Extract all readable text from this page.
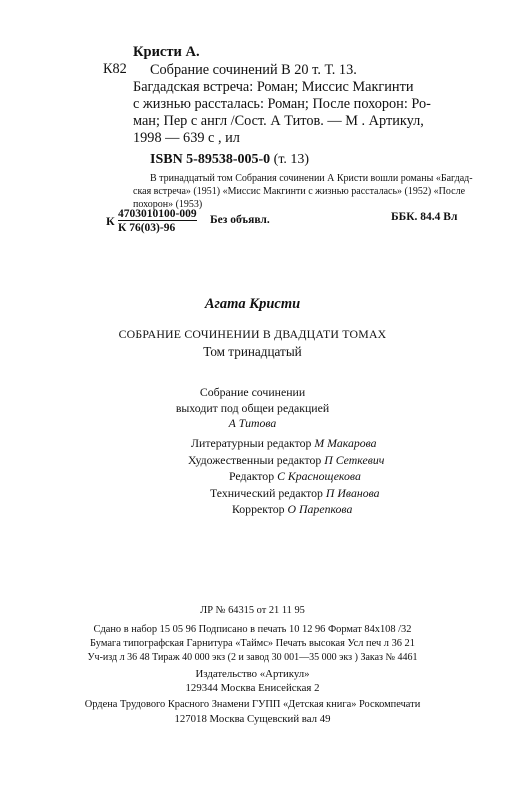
Кристи А.
К82 Собрание сочинений В 20 т. Т. 13.
Багдадская встреча: Роман; Миссис Макгинти
с жизнью рассталась: Роман; После похорон: Ро-
ман; Пер с англ /Сост. А Титов. — М . Артикул,
1998 — 639 с , ил
ISBN 5-89538-005-0 (т. 13)
В тринадцатый том Собрания сочинении А Кристи вошли романы «Багдад-
ская встреча» (1951) «Миссис Макгинти с жизнью рассталась» (1952) «После
похорон» (1953)
К 4703010100-009
К 76(03)-96
Без объявл.	ББК. 84.4 Вл
Агата Кристи
СОБРАНИЕ СОЧИНЕНИИ В ДВАДЦАТИ ТОМАХ
Том тринадцатый
Собрание сочинении
выходит под общеи редакцией
А Титова
Литературныи редактор М Макарова
Художественныи редактор П Сеткевич
Редактор С Краснощекова
Технический редактор П Иванова
Корректор О Парепкова
ЛР № 64315 от 21 11 95
Сдано в набор 15 05 96 Подписано в печать 10 12 96 Формат 84х108 /32
Бумага типографская Гарнитура «Таймс» Печать высокая Усл печ л 36 21
Уч-изд л 36 48 Тираж 40 000 экз (2 и завод 30 001—35 000 экз ) Заказ № 4461
Издательство «Артикул»
129344 Москва Енисейская 2
Ордена Трудового Красного Знамени ГУПП «Детская книга» Роскомпечати
127018 Москва Сущевский вал 49
